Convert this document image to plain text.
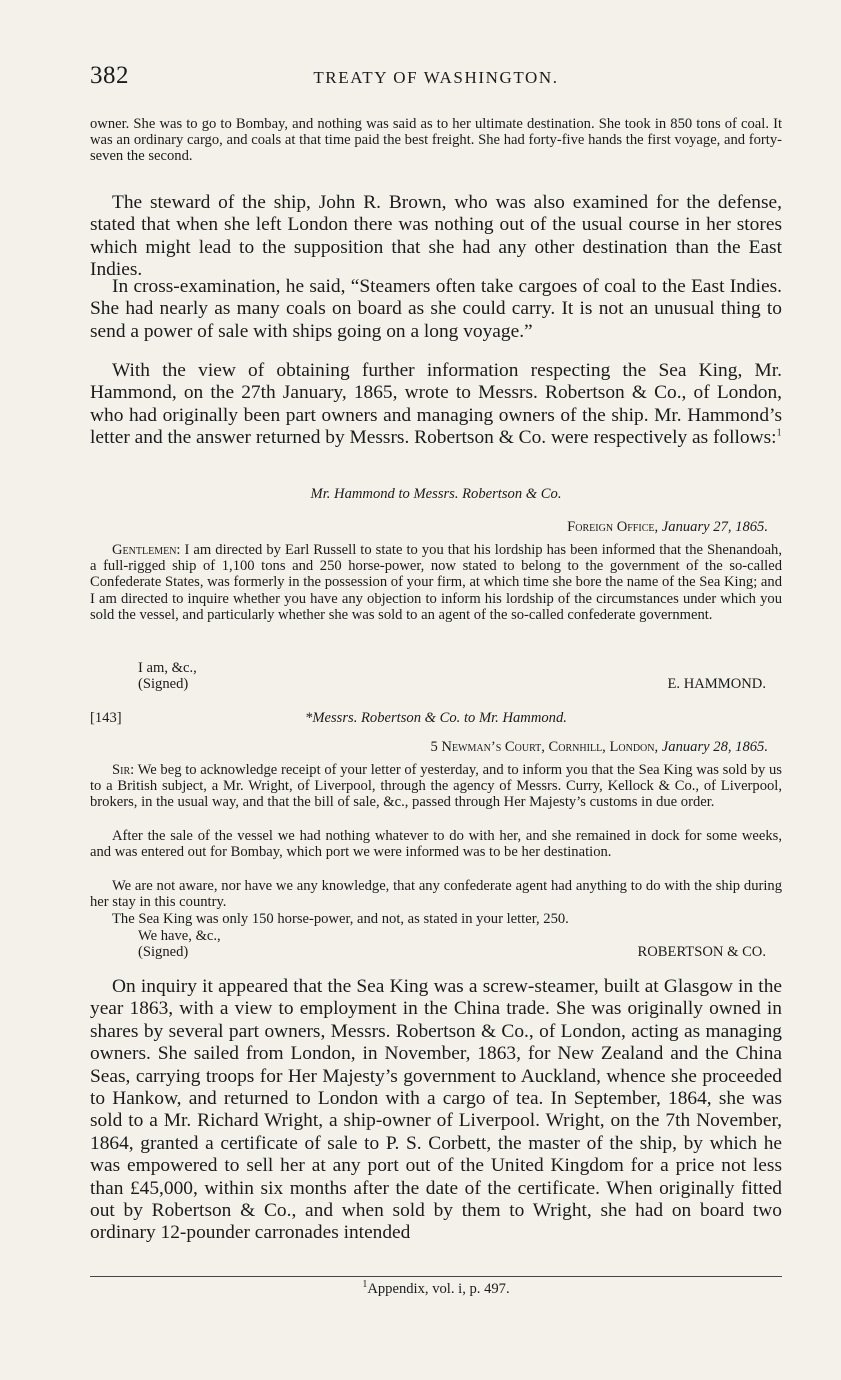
382	TREATY OF WASHINGTON.

owner. She was to go to Bombay, and nothing was said as to her ultimate destination. She took in 850 tons of coal. It was an ordinary cargo, and coals at that time paid the best freight. She had forty-five hands the first voyage, and forty-seven the second.

The steward of the ship, John R. Brown, who was also examined for the defense, stated that when she left London there was nothing out of the usual course in her stores which might lead to the supposition that she had any other destination than the East Indies.

In cross-examination, he said, “Steamers often take cargoes of coal to the East Indies. She had nearly as many coals on board as she could carry. It is not an unusual thing to send a power of sale with ships going on a long voyage.”

With the view of obtaining further information respecting the Sea King, Mr. Hammond, on the 27th January, 1865, wrote to Messrs. Robertson & Co., of London, who had originally been part owners and managing owners of the ship. Mr. Hammond’s letter and the answer returned by Messrs. Robertson & Co. were respectively as follows:$^1$

Mr. Hammond to Messrs. Robertson & Co.
Foreign Office, January 27, 1865.

Gentlemen: I am directed by Earl Russell to state to you that his lordship has been informed that the Shenandoah, a full-rigged ship of 1,100 tons and 250 horse-power, now stated to belong to the government of the so-called Confederate States, was formerly in the possession of your firm, at which time she bore the name of the Sea King; and I am directed to inquire whether you have any objection to inform his lordship of the circumstances under which you sold the vessel, and particularly whether she was sold to an agent of the so-called confederate government.

I am, &c.,
(Signed)	E. HAMMOND.
[143]	*Messrs. Robertson & Co. to Mr. Hammond.
5 Newman’s Court, Cornhill, London, January 28, 1865.

Sir: We beg to acknowledge receipt of your letter of yesterday, and to inform you that the Sea King was sold by us to a British subject, a Mr. Wright, of Liverpool, through the agency of Messrs. Curry, Kellock & Co., of Liverpool, brokers, in the usual way, and that the bill of sale, &c., passed through Her Majesty’s customs in due order.

After the sale of the vessel we had nothing whatever to do with her, and she remained in dock for some weeks, and was entered out for Bombay, which port we were informed was to be her destination.

We are not aware, nor have we any knowledge, that any confederate agent had anything to do with the ship during her stay in this country.

The Sea King was only 150 horse-power, and not, as stated in your letter, 250.

We have, &c.,
(Signed)	ROBERTSON & CO.

On inquiry it appeared that the Sea King was a screw-steamer, built at Glasgow in the year 1863, with a view to employment in the China trade. She was originally owned in shares by several part owners, Messrs. Robertson & Co., of London, acting as managing owners. She sailed from London, in November, 1863, for New Zealand and the China Seas, carrying troops for Her Majesty’s government to Auckland, whence she proceeded to Hankow, and returned to London with a cargo of tea. In September, 1864, she was sold to a Mr. Richard Wright, a ship-owner of Liverpool. Wright, on the 7th November, 1864, granted a certificate of sale to P. S. Corbett, the master of the ship, by which he was empowered to sell her at any port out of the United Kingdom for a price not less than £45,000, within six months after the date of the certificate. When originally fitted out by Robertson & Co., and when sold by them to Wright, she had on board two ordinary 12-pounder carronades intended

$^1$Appendix, vol. i, p. 497.
